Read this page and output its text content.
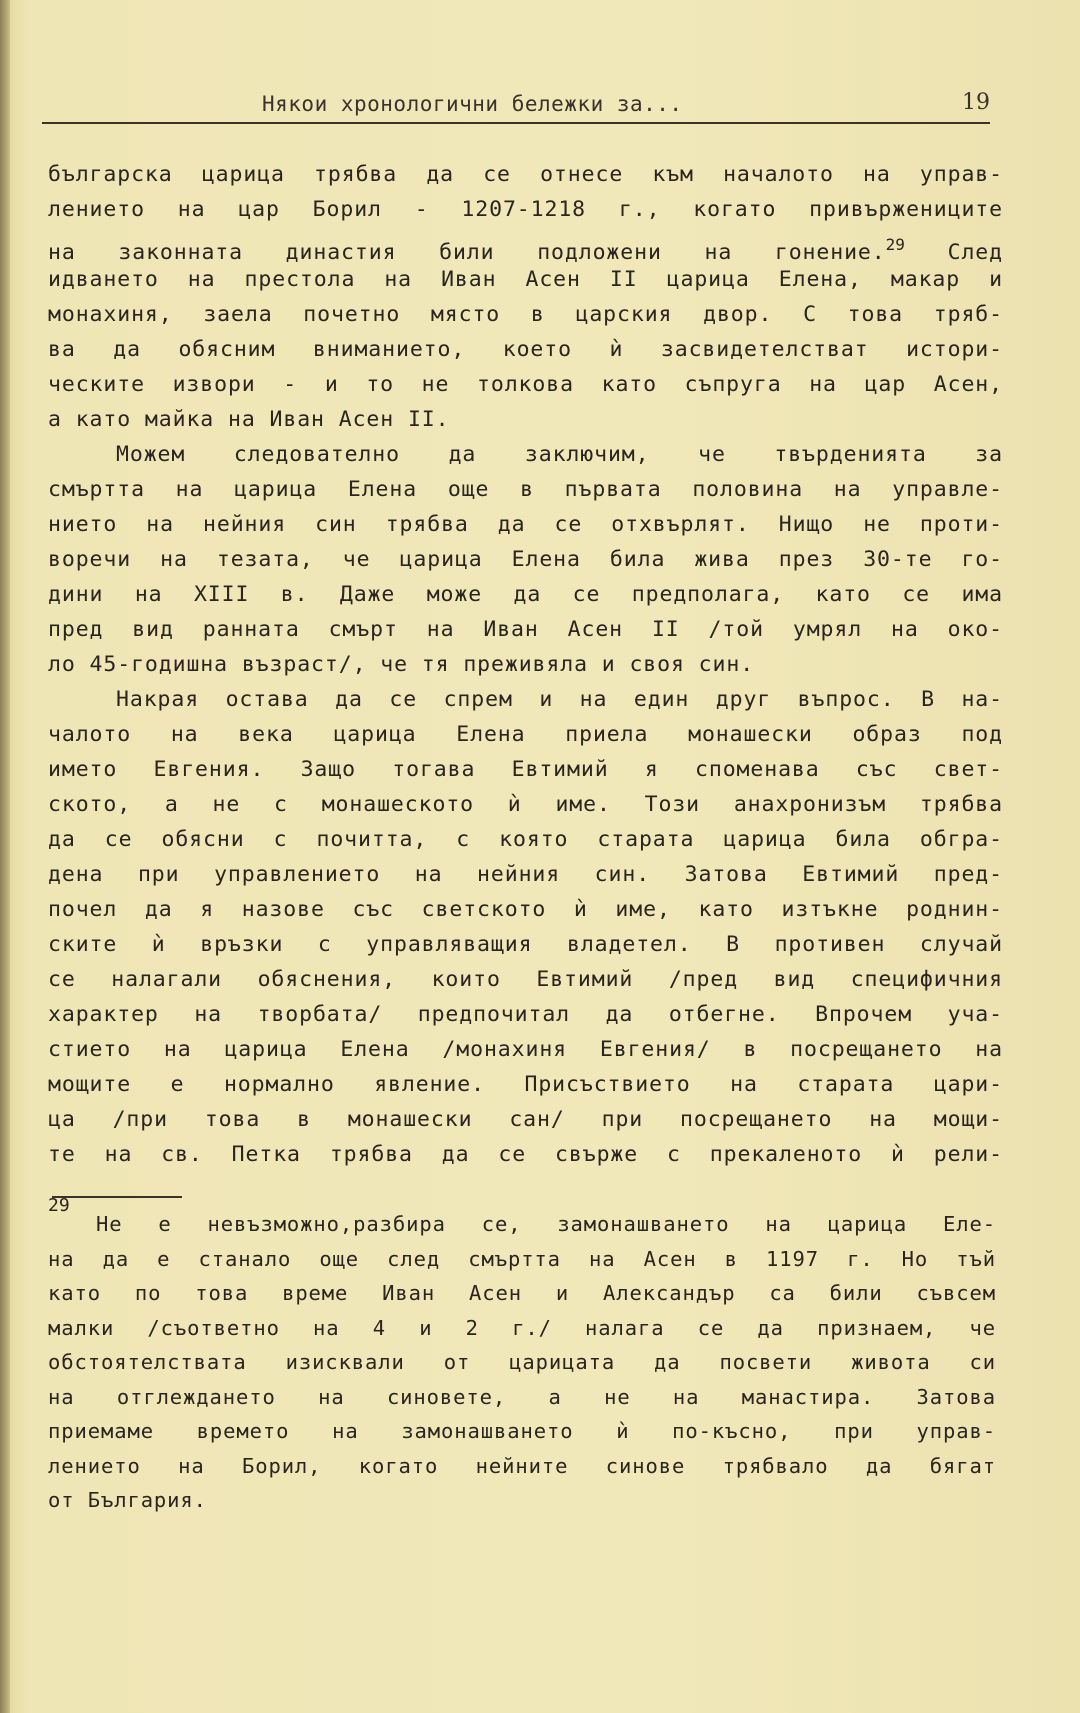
Някои хронологични бележки за...	19
българска царица трябва да се отнесе към началото на управ-
лението на цар Борил - 1207-1218 г., когато привържениците
на законната династия били подложени на гонение.$^{29}$ След
идването на престола на Иван Асен II царица Елена, макар и
монахиня, заела почетно място в царския двор. С това тряб-
ва да обясним вниманието, което ѝ засвидетелстват истори-
ческите извори - и то не толкова като съпруга на цар Асен,
а като майка на Иван Асен II.
Можем следователно да заключим, че твърденията за
смъртта на царица Елена още в първата половина на управле-
нието на нейния син трябва да се отхвърлят. Нищо не проти-
воречи на тезата, че царица Елена била жива през 30-те го-
дини на XIII в. Даже може да се предполага, като се има
пред вид ранната смърт на Иван Асен II /той умрял на око-
ло 45-годишна възраст/, че тя преживяла и своя син.
Накрая остава да се спрем и на един друг въпрос. В на-
чалото на века царица Елена приела монашески образ под
името Евгения. Защо тогава Евтимий я споменава със свет-
ското, а не с монашеското ѝ име. Този анахронизъм трябва
да се обясни с почитта, с която старата царица била обгра-
дена при управлението на нейния син. Затова Евтимий пред-
почел да я назове със светското ѝ име, като изтъкне роднин-
ските ѝ връзки с управляващия владетел. В противен случай
се налагали обяснения, които Евтимий /пред вид специфичния
характер на творбата/ предпочитал да отбегне. Впрочем уча-
стието на царица Елена /монахиня Евгения/ в посрещането на
мощите е нормално явление. Присъствието на старата цари-
ца /при това в монашески сан/ при посрещането на мощи-
те на св. Петка трябва да се свърже с прекаленото ѝ рели-
29
Не е невъзможно,разбира се, замонашването на царица Еле-
на да е станало още след смъртта на Асен в 1197 г. Но тъй
като по това време Иван Асен и Александър са били съвсем
малки /съответно на 4 и 2 г./ налага се да признаем, че
обстоятелствата изисквали от царицата да посвети живота си
на отглеждането на синовете, а не на манастира. Затова
приемаме времето на замонашването ѝ по-късно, при управ-
лението на Борил, когато нейните синове трябвало да бягат
от България.
